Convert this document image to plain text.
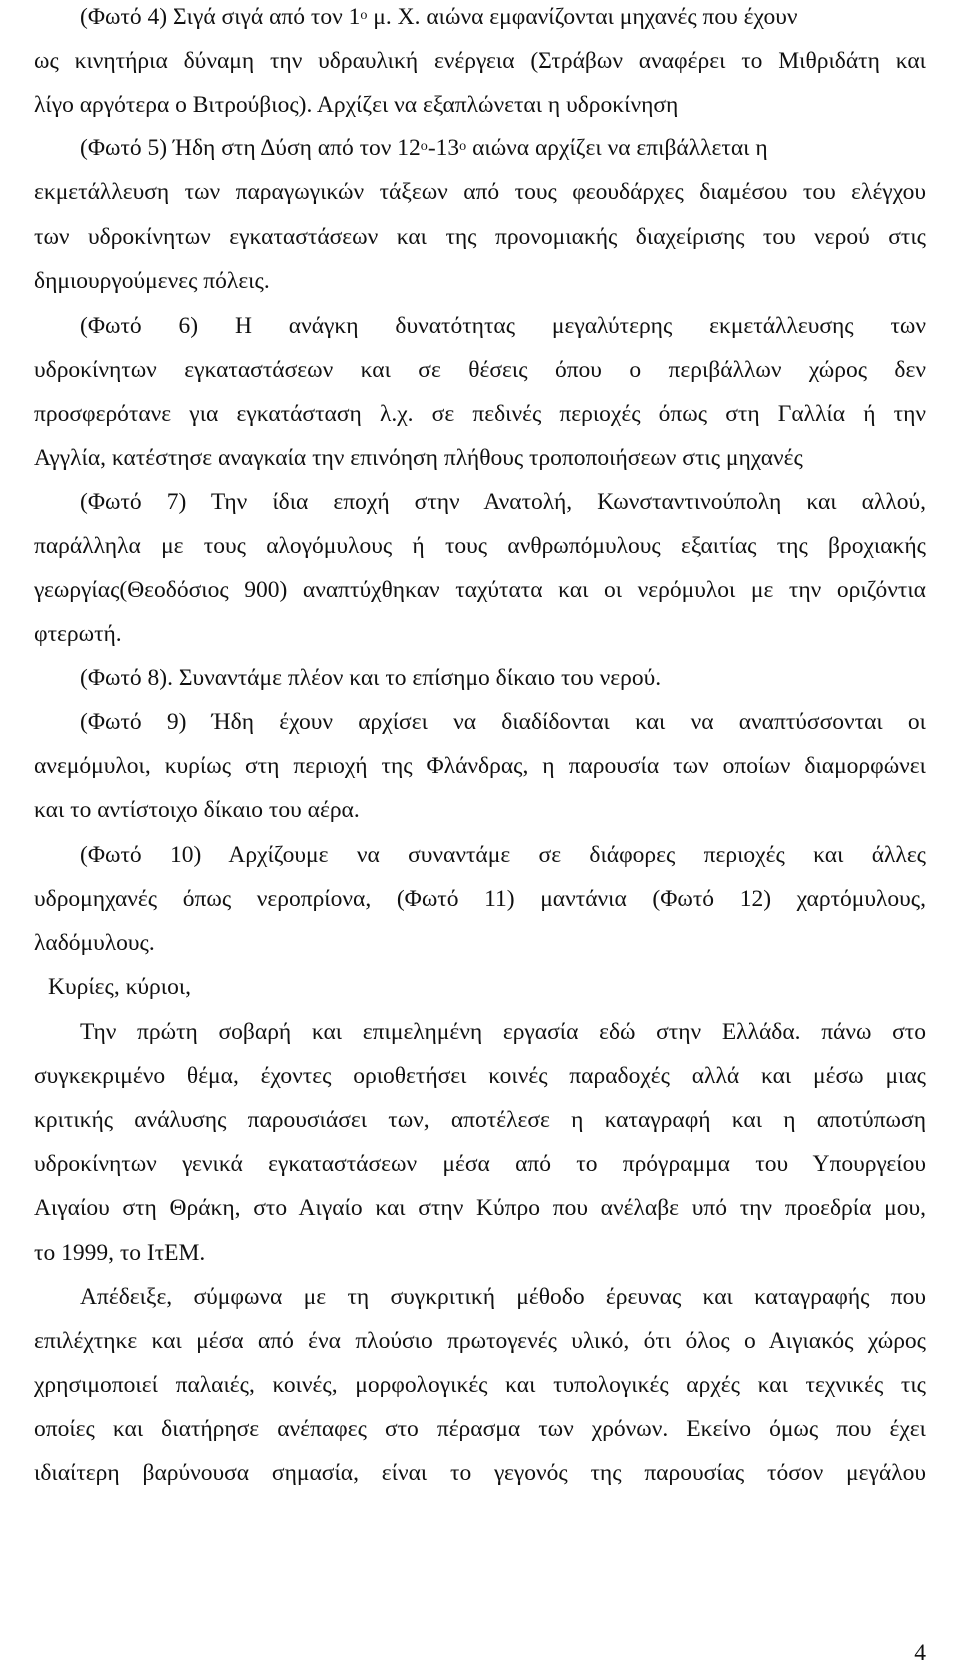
(Φωτό 4) Σιγά σιγά από τον $1^o$ μ. Χ. αιώνα εμφανίζονται μηχανές που έχουν

ως κινητήρια δύναμη την υδραυλική ενέργεια (Στράβων αναφέρει το Μιθριδάτη και

λίγο αργότερα ο Βιτρούβιος). Αρχίζει να εξαπλώνεται η υδροκίνηση

(Φωτό 5) Ήδη στη Δύση από τον $12^o-13^o$ αιώνα αρχίζει να επιβάλλεται η

εκμετάλλευση των παραγωγικών τάξεων από τους φεουδάρχες διαμέσου του ελέγχου

των υδροκίνητων εγκαταστάσεων και της προνομιακής διαχείρισης του νερού στις

δημιουργούμενες πόλεις.

(Φωτό 6) Η ανάγκη δυνατότητας μεγαλύτερης εκμετάλλευσης των

υδροκίνητων εγκαταστάσεων και σε θέσεις όπου ο περιβάλλων χώρος δεν

προσφερότανε για εγκατάσταση λ.χ. σε πεδινές περιοχές όπως στη Γαλλία ή την

Αγγλία, κατέστησε αναγκαία την επινόηση πλήθους τροποποιήσεων στις μηχανές

(Φωτό 7) Την ίδια εποχή στην Ανατολή, Κωνσταντινούπολη και αλλού,

παράλληλα με τους αλογόμυλους ή τους ανθρωπόμυλους εξαιτίας της βροχιακής

γεωργίας(Θεοδόσιος 900) αναπτύχθηκαν ταχύτατα και οι νερόμυλοι με την οριζόντια

φτερωτή.

(Φωτό 8). Συναντάμε πλέον και το επίσημο δίκαιο του νερού.

(Φωτό 9) Ήδη έχουν αρχίσει να διαδίδονται και να αναπτύσσονται οι

ανεμόμυλοι, κυρίως στη περιοχή της Φλάνδρας, η παρουσία των οποίων διαμορφώνει

και το αντίστοιχο δίκαιο του αέρα.

(Φωτό 10) Αρχίζουμε να συναντάμε σε διάφορες περιοχές και άλλες

υδρομηχανές όπως νεροπρίονα, (Φωτό 11) μαντάνια (Φωτό 12) χαρτόμυλους,

λαδόμυλους.

Κυρίες, κύριοι,

Την πρώτη σοβαρή και επιμελημένη εργασία εδώ στην Ελλάδα. πάνω στο

συγκεκριμένο θέμα, έχοντες οριοθετήσει κοινές παραδοχές αλλά και μέσω μιας

κριτικής ανάλυσης παρουσιάσει των, αποτέλεσε η καταγραφή και η αποτύπωση

υδροκίνητων γενικά εγκαταστάσεων μέσα από το πρόγραμμα του Υπουργείου

Αιγαίου στη Θράκη, στο Αιγαίο και στην Κύπρο που ανέλαβε υπό την προεδρία μου,

το 1999, το ΙτΕΜ.

Απέδειξε, σύμφωνα με τη συγκριτική μέθοδο έρευνας και καταγραφής που

επιλέχτηκε και μέσα από ένα πλούσιο πρωτογενές υλικό, ότι όλος ο Αιγιακός χώρος

χρησιμοποιεί παλαιές, κοινές, μορφολογικές και τυπολογικές αρχές και τεχνικές τις

οποίες και διατήρησε ανέπαφες στο πέρασμα των χρόνων. Εκείνο όμως που έχει

ιδιαίτερη βαρύνουσα σημασία, είναι το γεγονός της παρουσίας τόσον μεγάλου

4
